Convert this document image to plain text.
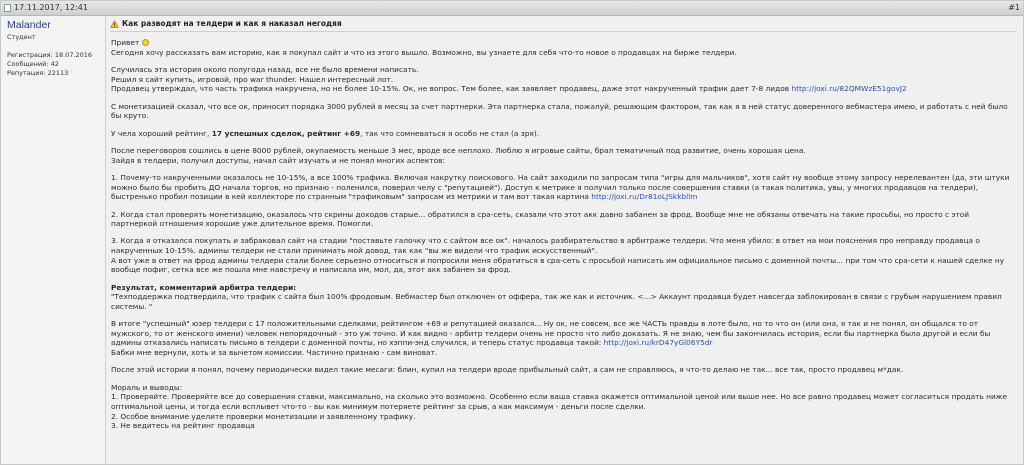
17.11.2017, 12:41	#1
Malander
Студент
Регистрация: 18.07.2016
Сообщений: 42
Репутация: 22113
Как разводят на телдери и как я наказал негодяя

Привет
Сегодня хочу рассказать вам историю, как я покупал сайт и что из этого вышло. Возможно, вы узнаете для себя что-то новое о продавцах на бирже телдери.

Случилась эта история около полугода назад, все не было времени написать.
Решил я сайт купить, игровой, про war thunder. Нашел интересный лот.
Продавец утверждал, что часть трафика накручена, но не более 10-15%. Ок, не вопрос. Тем более, как заявляет продавец, даже этот накрученный трафик дает 7-8 лидов http://joxi.ru/82QMWzE51govJ2

С монетизацией сказал, что все ок, приносит порядка 3000 рублей в месяц за счет партнерки. Эта партнерка стала, пожалуй, решающим фактором, так как я в ней статус доверенного вебмастера имею, и работать с ней было бы круто.

У чела хороший рейтинг, 17 успешных сделок, рейтинг +69, так что сомневаться я особо не стал (а зря).

После переговоров сошлись в цене 8000 рублей, окупаемость меньше 3 мес, вроде все неплохо. Люблю я игровые сайты, брал тематичный под развитие, очень хорошая цена.
Зайдя в телдери, получил доступы, начал сайт изучать и не понял многих аспектов:

1. Почему-то накрученными оказалось не 10-15%, а все 100% трафика. Включая накрутку поискового. На сайт заходили по запросам типа "игры для мальчиков", хотя сайт ну вообще этому запросу нерелевантен (да, эти штуки можно было бы пробить ДО начала торгов, но признаю - поленился, поверил челу с "репутацией"). Доступ к метрике я получил только после совершения ставки (а такая политика, увы, у многих продавцов на телдери), быстренько пробил позиции в кей коллекторе по странным "трафиковым" запросам из метрики и там вот такая картина http://joxi.ru/Dr81oLJSkkbllm

2. Когда стал проверять монетизацию, оказалось что скрины доходов старые... обратился в сра-сеть, сказали что этот акк давно забанен за фрод. Вообще мне не обязаны отвечать на такие просьбы, но просто с этой партнеркой отношения хорошие уже длительное время. Помогли.

3. Когда я отказался покупать и забраковал сайт на стадии "поставьте галочку что с сайтом все ок". началось разбирательство в арбитраже телдери. Что меня убило: в ответ на мои пояснения про неправду продавца о накрученных 10-15%. админы телдери не стали принимать мой довод, так как "вы же видели что трафик искусственный".
А вот уже в ответ на фрод админы телдери стали более серьезно относиться и попросили меня обратиться в сра-сеть с просьбой написать им официальное письмо с доменной почты... при том что сра-сети к нашей сделке ну вообще пофиг, сетка все же пошла мне навстречу и написала им, мол, да, этот акк забанен за фрод.

Результат, комментарий арбитра телдери:
"Техподдержка подтвердила, что трафик с сайта был 100% фродовым. Вебмастер был отключен от оффера, так же как и источник. <...> Аккаунт продавца будет навсегда заблокирован в связи с грубым нарушением правил системы. "

В итоге "успешный" юзер телдери с 17 положительными сделками, рейтингом +69 и репутацией оказался... Ну ок, не совсем, все же ЧАСТЬ правды в лоте было, но то что он (или она, я так и не понял, он общался то от мужского, то от женского имени) человек непорядочный - это уж точно. И как видно - арбитр телдери очень не просто что либо доказать. Я не знаю, чем бы закончилась история, если бы партнерка была другой и если бы админы отказались написать письмо в телдери с доменной почты, но хэппи-энд случился, и теперь статус продавца такой: http://joxi.ru/krD47yGl06Y5dr
Бабки мне вернули, хоть и за вычетом комиссии. Частично признаю - сам виноват.

После этой истории я понял, почему периодически видел такие месаги: блин, купил на телдери вроде прибыльный сайт, а сам не справляюсь, я что-то делаю не так... все так, просто продавец м*дак.

Мораль и выводы:
1. Проверяйте. Проверяйте все до совершения ставки, максимально, на сколько это возможно. Особенно если ваша ставка окажется оптимальной ценой или выше нее. Но все равно продавец может согласиться продать ниже оптимальной цены, и тогда если всплывет что-то - вы как минимум потеряете рейтинг за срыв, а как максимум - деньги после сделки.
2. Особое внимание уделите проверки монетизации и заявленному трафику.
3. Не ведитесь на рейтинг продавца
